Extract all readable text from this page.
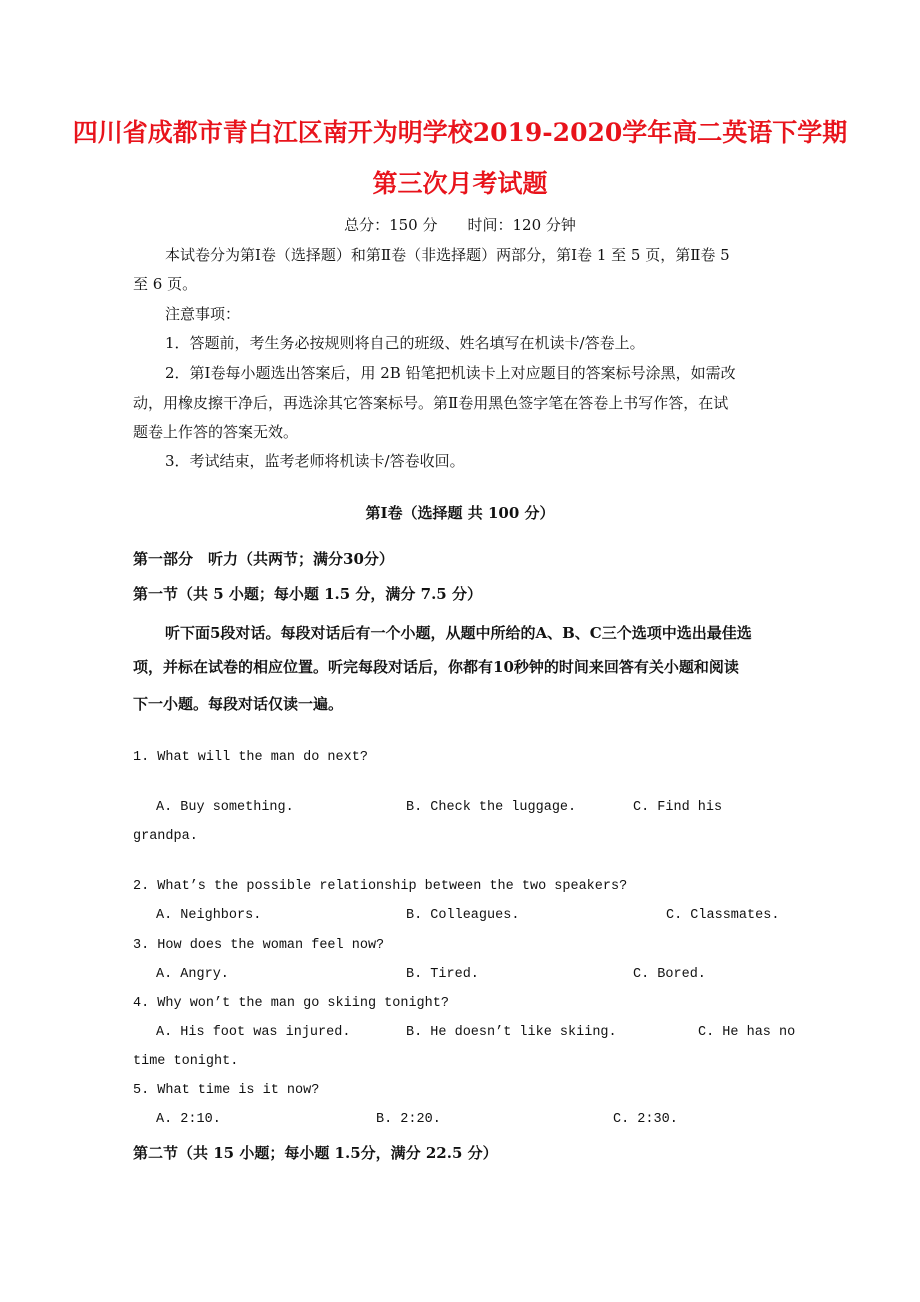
四川省成都市青白江区南开为明学校2019-2020学年高二英语下学期
第三次月考试题
总分：150 分　　时间：120 分钟
本试卷分为第Ⅰ卷（选择题）和第Ⅱ卷（非选择题）两部分，第Ⅰ卷 1 至 5 页，第Ⅱ卷 5
至 6 页。
注意事项：
1．答题前，考生务必按规则将自己的班级、姓名填写在机读卡/答卷上。
2．第Ⅰ卷每小题选出答案后，用 2B 铅笔把机读卡上对应题目的答案标号涂黑，如需改
动，用橡皮擦干净后，再选涂其它答案标号。第Ⅱ卷用黑色签字笔在答卷上书写作答，在试
题卷上作答的答案无效。
3．考试结束，监考老师将机读卡/答卷收回。
第Ⅰ卷（选择题 共 100 分）
第一部分　听力（共两节；满分30分）
第一节（共 5 小题；每小题 1.5 分，满分 7.5 分）
听下面5段对话。每段对话后有一个小题，从题中所给的A、B、C三个选项中选出最佳选
项，并标在试卷的相应位置。听完每段对话后，你都有10秒钟的时间来回答有关小题和阅读
下一小题。每段对话仅读一遍。
1. What will the man do next?
A. Buy something.	B. Check the luggage.	C. Find his
grandpa.
2. What’s the possible relationship between the two speakers?
A. Neighbors.	B. Colleagues.	C. Classmates.
3. How does the woman feel now?
A. Angry.	B. Tired.	C. Bored.
4. Why won’t the man go skiing tonight?
A. His foot was injured.	B. He doesn’t like skiing.	C. He has no
time tonight.
5. What time is it now?
A. 2:10.	B. 2:20.	C. 2:30.
第二节（共 15 小题；每小题 1.5分，满分 22.5 分）
